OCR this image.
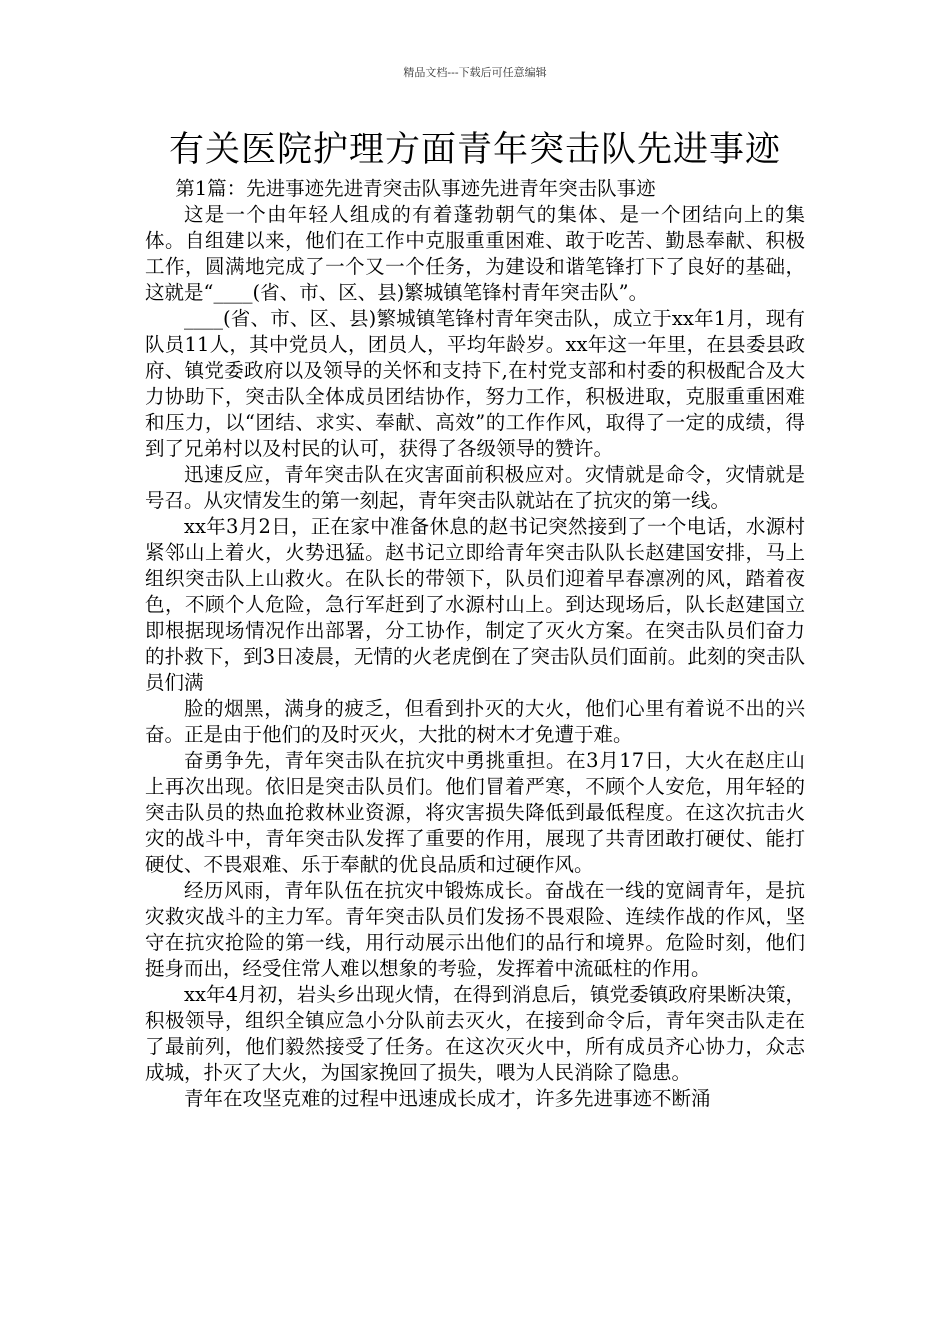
精品文档---下载后可任意编辑
有关医院护理方面青年突击队先进事迹

第1篇：先进事迹先进青突击队事迹先进青年突击队事迹

这是一个由年轻人组成的有着蓬勃朝气的集体、是一个团结向上的集体。自组建以来，他们在工作中克服重重困难、敢于吃苦、勤恳奉献、积极工作，圆满地完成了一个又一个任务，为建设和谐笔锋打下了良好的基础，这就是“____(省、市、区、县)繁城镇笔锋村青年突击队”。

____(省、市、区、县)繁城镇笔锋村青年突击队，成立于xx年1月，现有队员11人，其中党员人，团员人，平均年龄岁。xx年这一年里，在县委县政府、镇党委政府以及领导的关怀和支持下,在村党支部和村委的积极配合及大力协助下，突击队全体成员团结协作，努力工作，积极进取，克服重重困难和压力，以“团结、求实、奉献、高效”的工作作风，取得了一定的成绩，得到了兄弟村以及村民的认可，获得了各级领导的赞许。

迅速反应，青年突击队在灾害面前积极应对。灾情就是命令，灾情就是号召。从灾情发生的第一刻起，青年突击队就站在了抗灾的第一线。

xx年3月2日，正在家中准备休息的赵书记突然接到了一个电话，水源村紧邻山上着火，火势迅猛。赵书记立即给青年突击队队长赵建国安排，马上组织突击队上山救火。在队长的带领下，队员们迎着早春凛冽的风，踏着夜色，不顾个人危险，急行军赶到了水源村山上。到达现场后，队长赵建国立即根据现场情况作出部署，分工协作，制定了灭火方案。在突击队员们奋力的扑救下，到3日凌晨，无情的火老虎倒在了突击队员们面前。此刻的突击队员们满

脸的烟黑，满身的疲乏，但看到扑灭的大火，他们心里有着说不出的兴奋。正是由于他们的及时灭火，大批的树木才免遭于难。

奋勇争先，青年突击队在抗灾中勇挑重担。在3月17日，大火在赵庄山上再次出现。依旧是突击队员们。他们冒着严寒，不顾个人安危，用年轻的突击队员的热血抢救林业资源，将灾害损失降低到最低程度。在这次抗击火灾的战斗中，青年突击队发挥了重要的作用，展现了共青团敢打硬仗、能打硬仗、不畏艰难、乐于奉献的优良品质和过硬作风。

经历风雨，青年队伍在抗灾中锻炼成长。奋战在一线的宽阔青年，是抗灾救灾战斗的主力军。青年突击队员们发扬不畏艰险、连续作战的作风，坚守在抗灾抢险的第一线，用行动展示出他们的品行和境界。危险时刻，他们挺身而出，经受住常人难以想象的考验，发挥着中流砥柱的作用。

xx年4月初，岩头乡出现火情，在得到消息后，镇党委镇政府果断决策，积极领导，组织全镇应急小分队前去灭火，在接到命令后，青年突击队走在了最前列，他们毅然接受了任务。在这次灭火中，所有成员齐心协力，众志成城，扑灭了大火，为国家挽回了损失，喂为人民消除了隐患。

青年在攻坚克难的过程中迅速成长成才，许多先进事迹不断涌
